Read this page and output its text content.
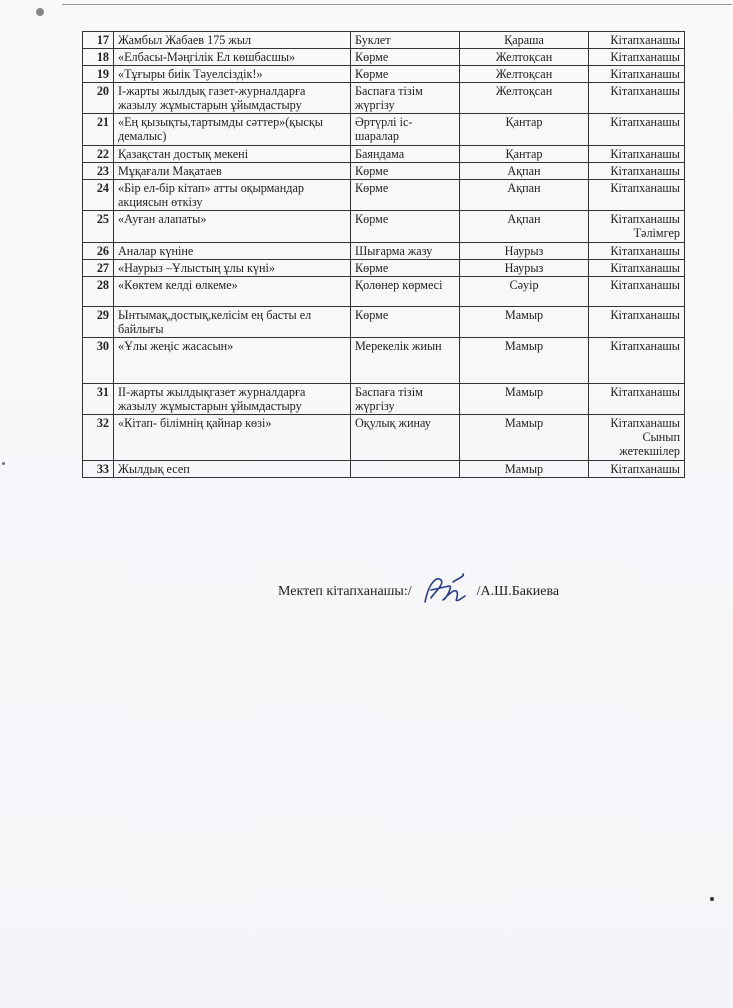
17	Жамбыл Жабаев 175 жыл	Буклет	Қараша	Кітапханашы
18	«Елбасы-Мәңгілік Ел көшбасшы»	Көрме	Желтоқсан	Кітапханашы
19	«Тұғыры биік Тәуелсіздік!»	Көрме	Желтоқсан	Кітапханашы
20	І-жарты жылдық газет-журналдарға жазылу жұмыстарын ұйымдастыру	Баспаға тізім жүргізу	Желтоқсан	Кітапханашы
21	«Ең қызықты,тартымды сәттер»(қысқы демалыс)	Әртүрлі іс-шаралар	Қантар	Кітапханашы
22	Қазақстан достық мекені	Баяндама	Қантар	Кітапханашы
23	Мұқағали Мақатаев	Көрме	Ақпан	Кітапханашы
24	«Бір ел-бір кітап» атты оқырмандар акциясын өткізу	Көрме	Ақпан	Кітапханашы
25	«Ауған алапаты»	Көрме	Ақпан	Кітапханашы Тәлімгер
26	Аналар күніне	Шығарма жазу	Наурыз	Кітапханашы
27	«Наурыз –Ұлыстың ұлы күні»	Көрме	Наурыз	Кітапханашы
28	«Көктем келді өлкеме»	Қолөнер көрмесі	Сәуір	Кітапханашы
29	Ынтымақ,достық,келісім ең басты ел байлығы	Көрме	Мамыр	Кітапханашы
30	«Ұлы жеңіс жасасын»	Мерекелік жиын	Мамыр	Кітапханашы
31	ІІ-жарты жылдықгазет журналдарға жазылу жұмыстарын ұйымдастыру	Баспаға тізім жүргізу	Мамыр	Кітапханашы
32	«Кітап- білімнің қайнар көзі»	Оқулық жинау	Мамыр	Кітапханашы Сынып жетекшілер
33	Жылдық есеп		Мамыр	Кітапханашы
Мектеп кітапханашы:/	/А.Ш.Бакиева
